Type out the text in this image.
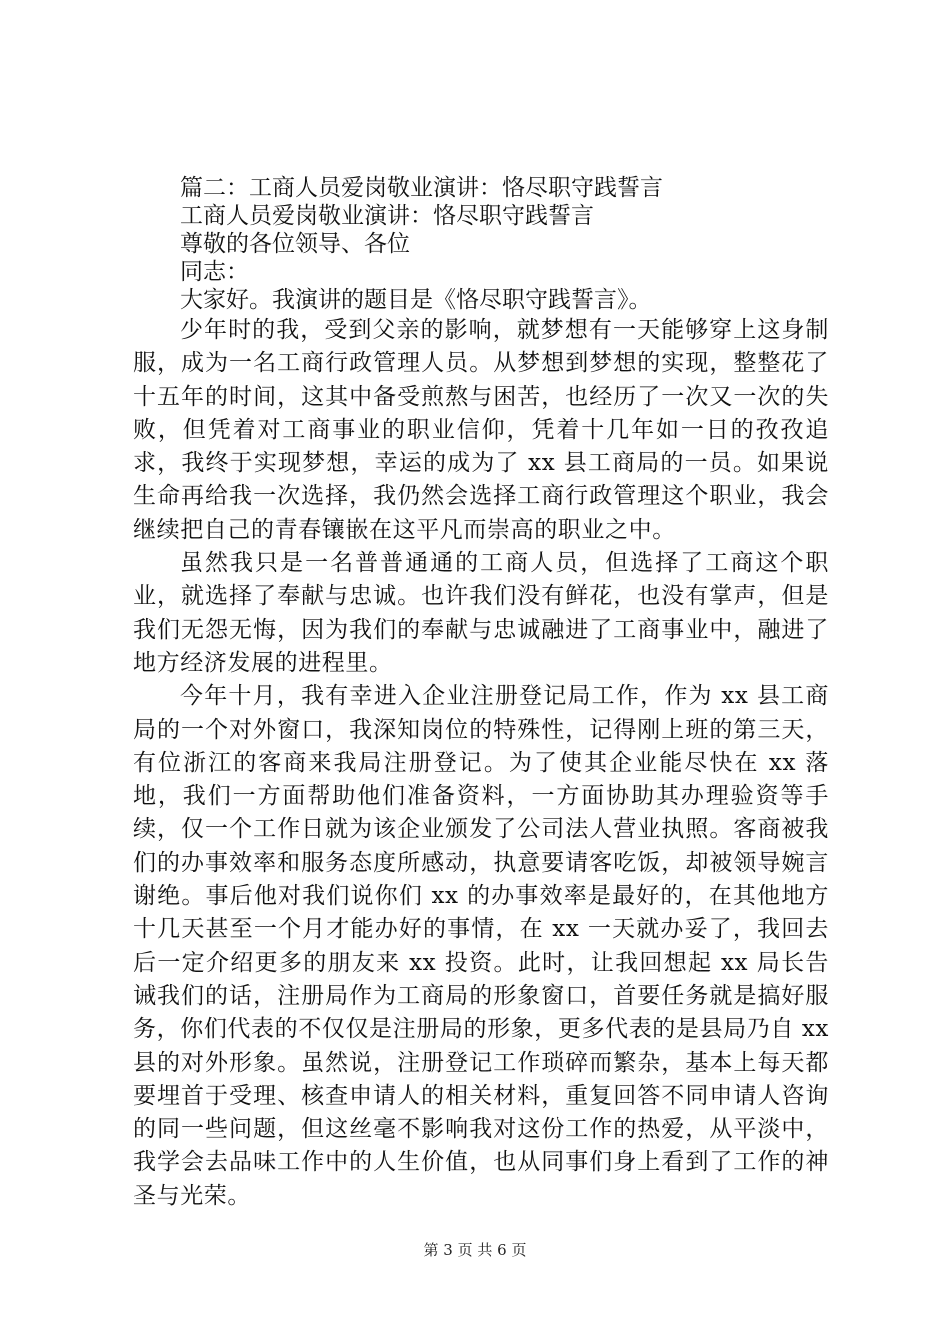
篇二：工商人员爱岗敬业演讲：恪尽职守践誓言

工商人员爱岗敬业演讲：恪尽职守践誓言

尊敬的各位领导、各位

同志：

大家好。我演讲的题目是《恪尽职守践誓言》。

少年时的我，受到父亲的影响，就梦想有一天能够穿上这身制服，成为一名工商行政管理人员。从梦想到梦想的实现，整整花了十五年的时间，这其中备受煎熬与困苦，也经历了一次又一次的失败，但凭着对工商事业的职业信仰，凭着十几年如一日的孜孜追求，我终于实现梦想，幸运的成为了 xx 县工商局的一员。如果说生命再给我一次选择，我仍然会选择工商行政管理这个职业，我会继续把自己的青春镶嵌在这平凡而崇高的职业之中。

虽然我只是一名普普通通的工商人员，但选择了工商这个职业，就选择了奉献与忠诚。也许我们没有鲜花，也没有掌声，但是我们无怨无悔，因为我们的奉献与忠诚融进了工商事业中，融进了地方经济发展的进程里。

今年十月，我有幸进入企业注册登记局工作，作为 xx 县工商局的一个对外窗口，我深知岗位的特殊性，记得刚上班的第三天，有位浙江的客商来我局注册登记。为了使其企业能尽快在 xx 落地，我们一方面帮助他们准备资料，一方面协助其办理验资等手续，仅一个工作日就为该企业颁发了公司法人营业执照。客商被我们的办事效率和服务态度所感动，执意要请客吃饭，却被领导婉言谢绝。事后他对我们说你们 xx 的办事效率是最好的，在其他地方十几天甚至一个月才能办好的事情，在 xx 一天就办妥了，我回去后一定介绍更多的朋友来 xx 投资。此时，让我回想起 xx 局长告诫我们的话，注册局作为工商局的形象窗口，首要任务就是搞好服务，你们代表的不仅仅是注册局的形象，更多代表的是县局乃自 xx 县的对外形象。虽然说，注册登记工作琐碎而繁杂，基本上每天都要埋首于受理、核查申请人的相关材料，重复回答不同申请人咨询的同一些问题，但这丝毫不影响我对这份工作的热爱，从平淡中，我学会去品味工作中的人生价值，也从同事们身上看到了工作的神圣与光荣。

第 3 页 共 6 页
